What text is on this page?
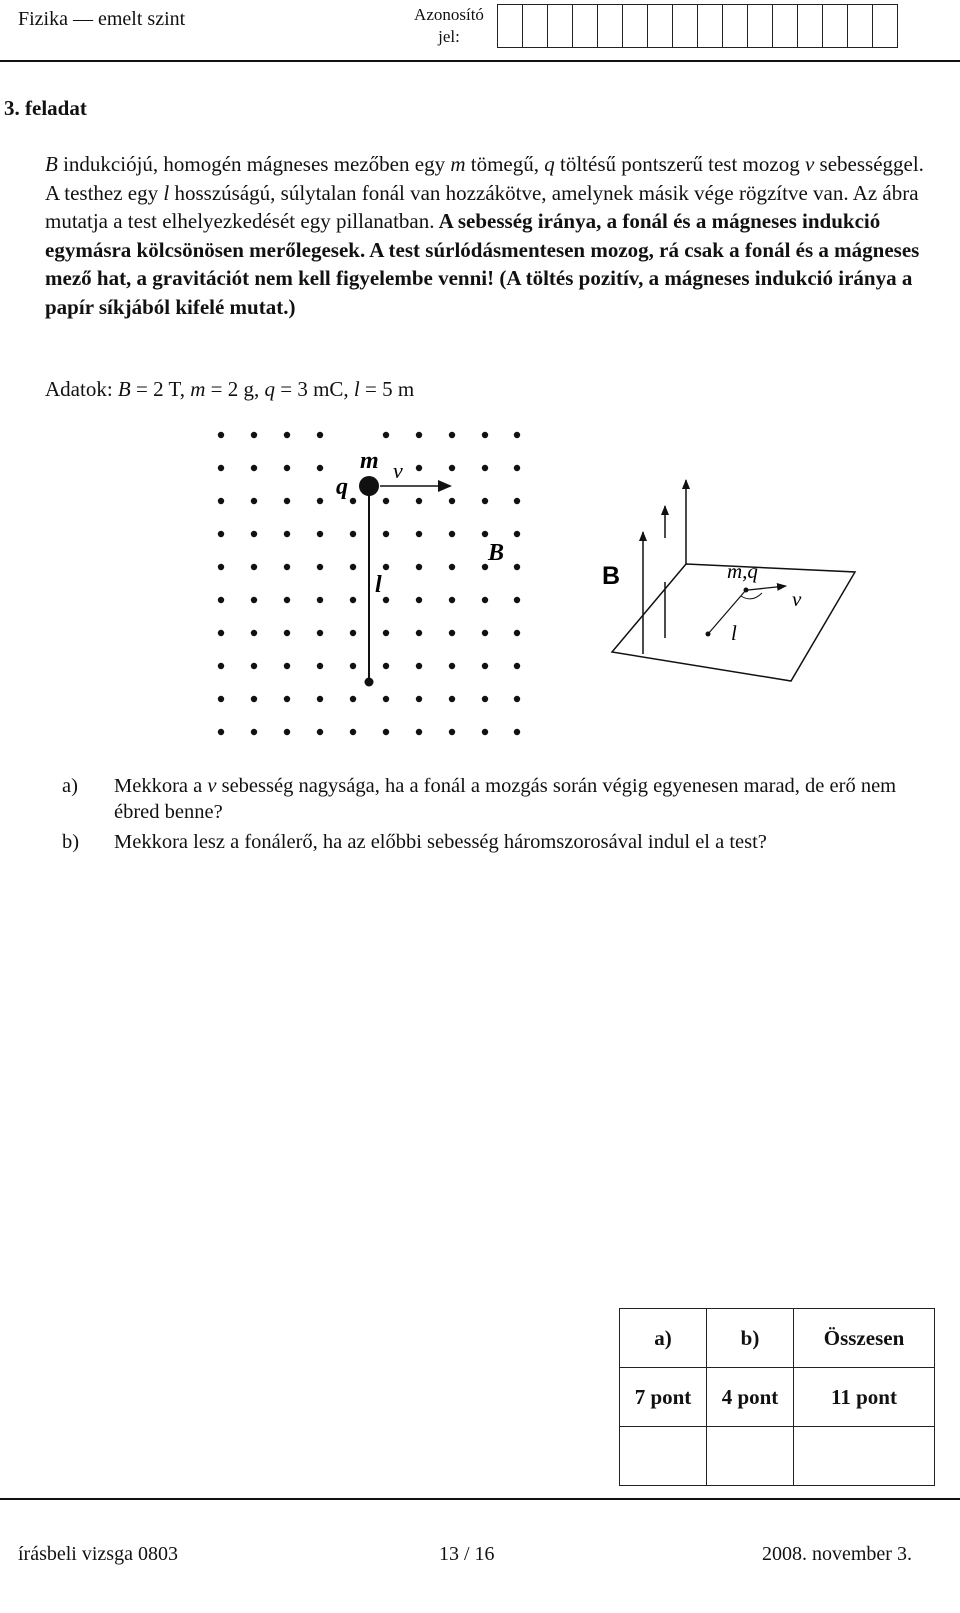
Fizika — emelt szint	Azonosító
jel:
3. feladat
B indukciójú, homogén mágneses mezőben egy m tömegű, q töltésű pontszerű test mozog v sebességgel. A testhez egy l hosszúságú, súlytalan fonál van hozzákötve, amelynek másik vége rögzítve van. Az ábra mutatja a test elhelyezkedését egy pillanatban. A sebesség iránya, a fonál és a mágneses indukció egymásra kölcsönösen merőlegesek. A test súrlódásmentesen mozog, rá csak a fonál és a mágneses mező hat, a gravitációt nem kell figyelembe venni! (A töltés pozitív, a mágneses indukció iránya a papír síkjából kifelé mutat.)
Adatok: B = 2 T, m = 2 g, q = 3 mC, l = 5 m
m v
q
l
B
B	m,q
v
l
a)	Mekkora a v sebesség nagysága, ha a fonál a mozgás során végig egyenesen marad, de erő nem ébred benne?
b)	Mekkora lesz a fonálerő, ha az előbbi sebesség háromszorosával indul el a test?
a)	b)	Összesen
7 pont	4 pont	11 pont

írásbeli vizsga 0803	13 / 16	2008. november 3.
